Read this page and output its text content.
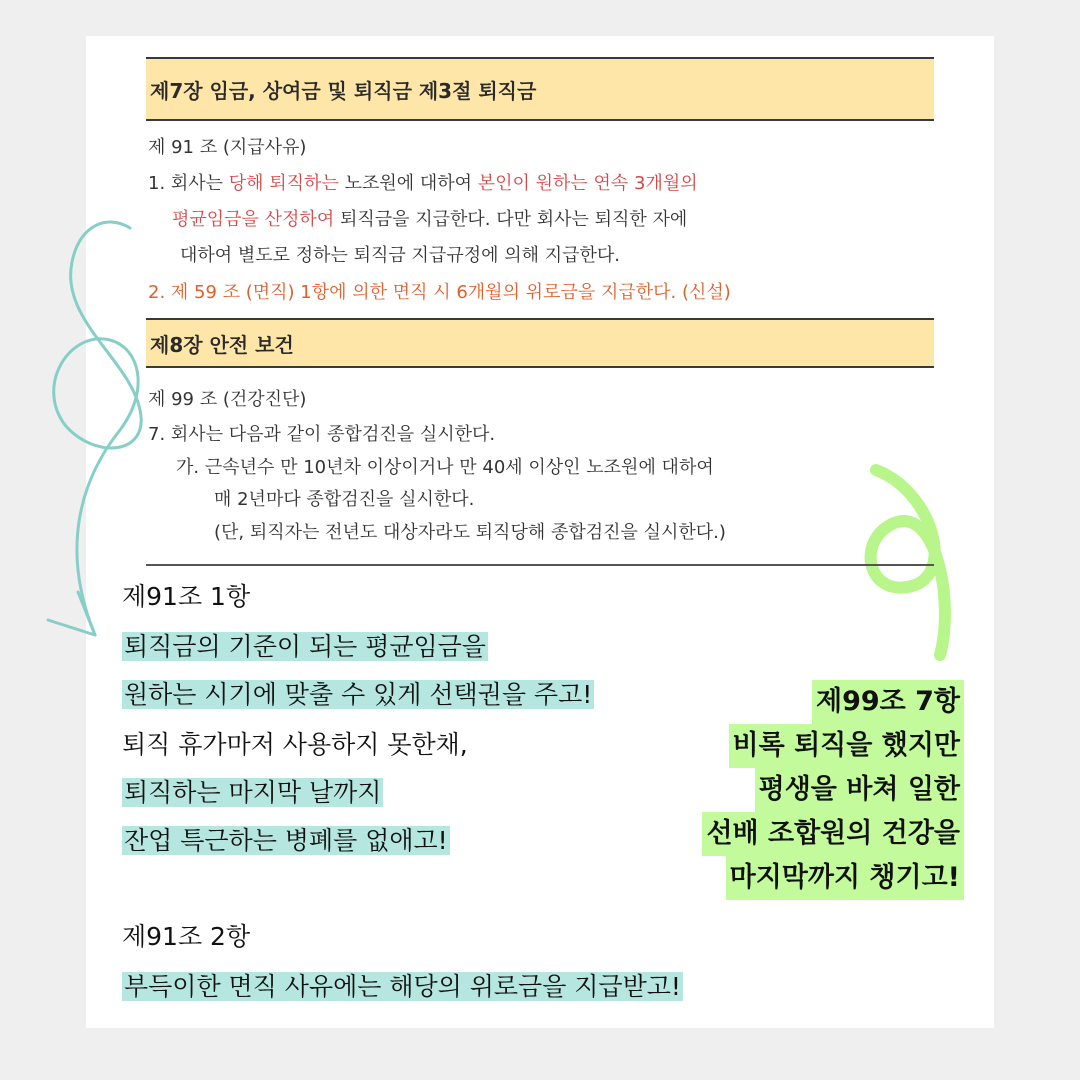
제7장 임금, 상여금 및 퇴직금 제3절 퇴직금
제 91 조 (지급사유)
1. 회사는 당해 퇴직하는 노조원에 대하여 본인이 원하는 연속 3개월의
평균임금을 산정하여 퇴직금을 지급한다. 다만 회사는 퇴직한 자에
대하여 별도로 정하는 퇴직금 지급규정에 의해 지급한다.
2. 제 59 조 (면직) 1항에 의한 면직 시 6개월의 위로금을 지급한다. (신설)
제8장 안전 보건
제 99 조 (건강진단)
7. 회사는 다음과 같이 종합검진을 실시한다.
가. 근속년수 만 10년차 이상이거나 만 40세 이상인 노조원에 대하여
매 2년마다 종합검진을 실시한다.
(단, 퇴직자는 전년도 대상자라도 퇴직당해 종합검진을 실시한다.)
제91조 1항
퇴직금의 기준이 되는 평균임금을
원하는 시기에 맞출 수 있게 선택권을 주고!
퇴직 휴가마저 사용하지 못한채,
퇴직하는 마지막 날까지
잔업 특근하는 병폐를 없애고!
제91조 2항
부득이한 면직 사유에는 해당의 위로금을 지급받고!
제99조 7항
비록 퇴직을 했지만
평생을 바쳐 일한
선배 조합원의 건강을
마지막까지 챙기고!
